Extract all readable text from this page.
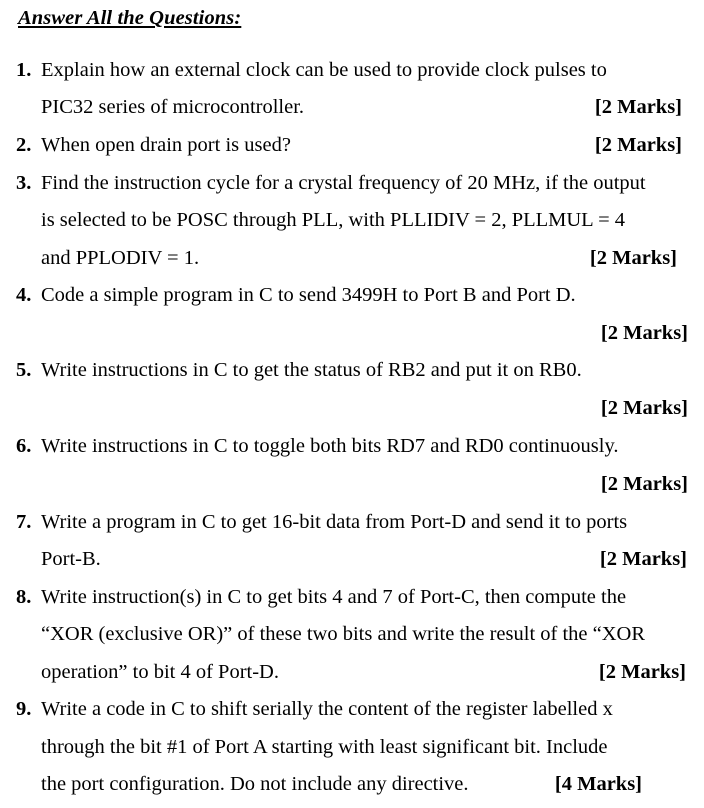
Answer All the Questions:
1. Explain how an external clock can be used to provide clock pulses to
PIC32 series of microcontroller.	[2 Marks]
2. When open drain port is used?	[2 Marks]
3. Find the instruction cycle for a crystal frequency of 20 MHz, if the output
is selected to be POSC through PLL, with PLLIDIV = 2, PLLMUL = 4
and PPLODIV = 1.	[2 Marks]
4. Code a simple program in C to send 3499H to Port B and Port D.
[2 Marks]
5. Write instructions in C to get the status of RB2 and put it on RB0.
[2 Marks]
6. Write instructions in C to toggle both bits RD7 and RD0 continuously.
[2 Marks]
7. Write a program in C to get 16-bit data from Port-D and send it to ports
Port-B.	[2 Marks]
8. Write instruction(s) in C to get bits 4 and 7 of Port-C, then compute the
“XOR (exclusive OR)” of these two bits and write the result of the “XOR
operation” to bit 4 of Port-D.	[2 Marks]
9. Write a code in C to shift serially the content of the register labelled x
through the bit #1 of Port A starting with least significant bit. Include
the port configuration. Do not include any directive.	[4 Marks]
